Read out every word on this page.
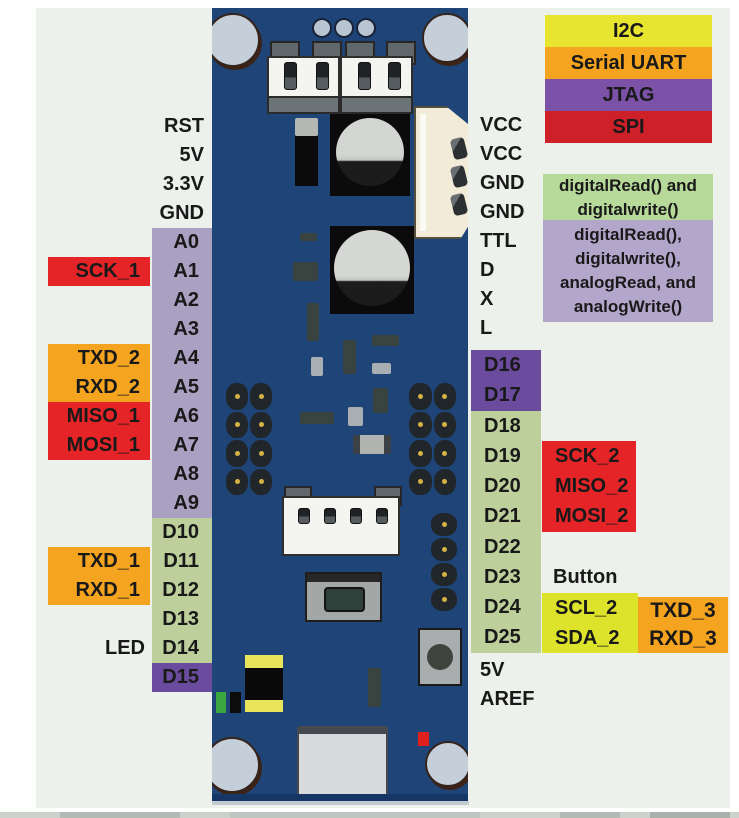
RST
5V
3.3V
GND
A0
A1
A2
A3
A4
A5
A6
A7
A8
A9
D10
D11
D12
D13
D14
D15
SCK_1
TXD_2
RXD_2
MISO_1
MOSI_1
TXD_1
RXD_1
LED
VCC
VCC
GND
GND
TTL
D
X
L
D16
D17
D18
D19
D20
D21
D22
D23
D24
D25
5V
AREF
SCK_2
MISO_2
MOSI_2
Button
SCL_2
SDA_2
TXD_3
RXD_3
I2C
Serial UART
JTAG
SPI
digitalRead() and
digitalwrite()
digitalRead(),
digitalwrite(),
analogRead, and
analogWrite()
